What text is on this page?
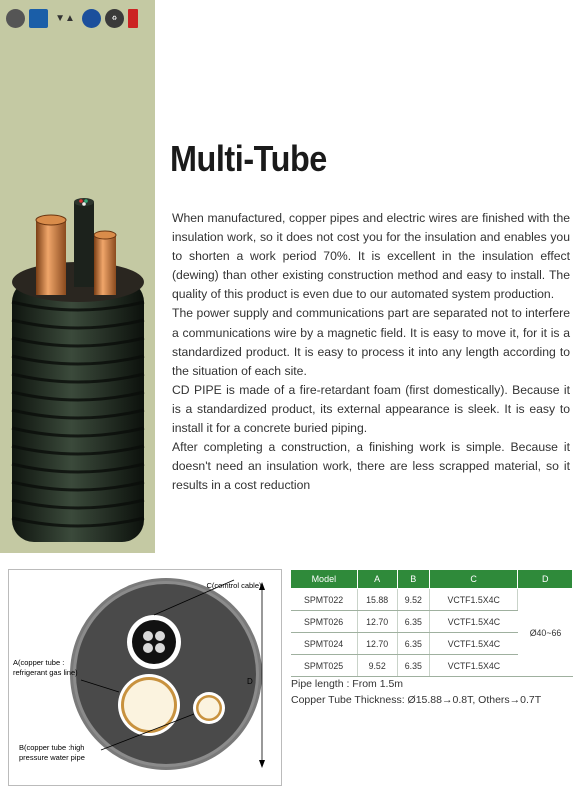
▼▲	♻
Multi-Tube

When manufactured, copper pipes and electric wires are finished with the insulation work, so it does not cost you for the insulation and enables you to shorten a work period 70%. It is excellent in the insulation effect (dewing) than other existing construction method and easy to install. The quality of this product is even due to our automated system production.

The power supply and communications part are separated not to interfere a communications wire by a magnetic field. It is easy to move it, for it is a standardized product. It is easy to process it into any length according to the situation of each site.

CD PIPE is made of a fire-retardant foam (first domestically). Because it is a standardized product, its external appearance is sleek. It is easy to install it for a concrete buried piping.

After completing a construction, a finishing work is simple. Because it doesn't need an insulation work, there are less scrapped material, so it results in a cost reduction

C(comtrol cable)
A(copper tube :
refrigerant gas line)
B(copper tube :high
pressure water pipe
D
Model	A	B	C	D
SPMT022	15.88	9.52	VCTF1.5X4C	Ø40~66
SPMT026	12.70	6.35	VCTF1.5X4C	
SPMT024	12.70	6.35	VCTF1.5X4C	
SPMT025	9.52	6.35	VCTF1.5X4C	
Pipe length : From 1.5m
Copper Tube Thickness: Ø15.88→0.8T, Others→0.7T
